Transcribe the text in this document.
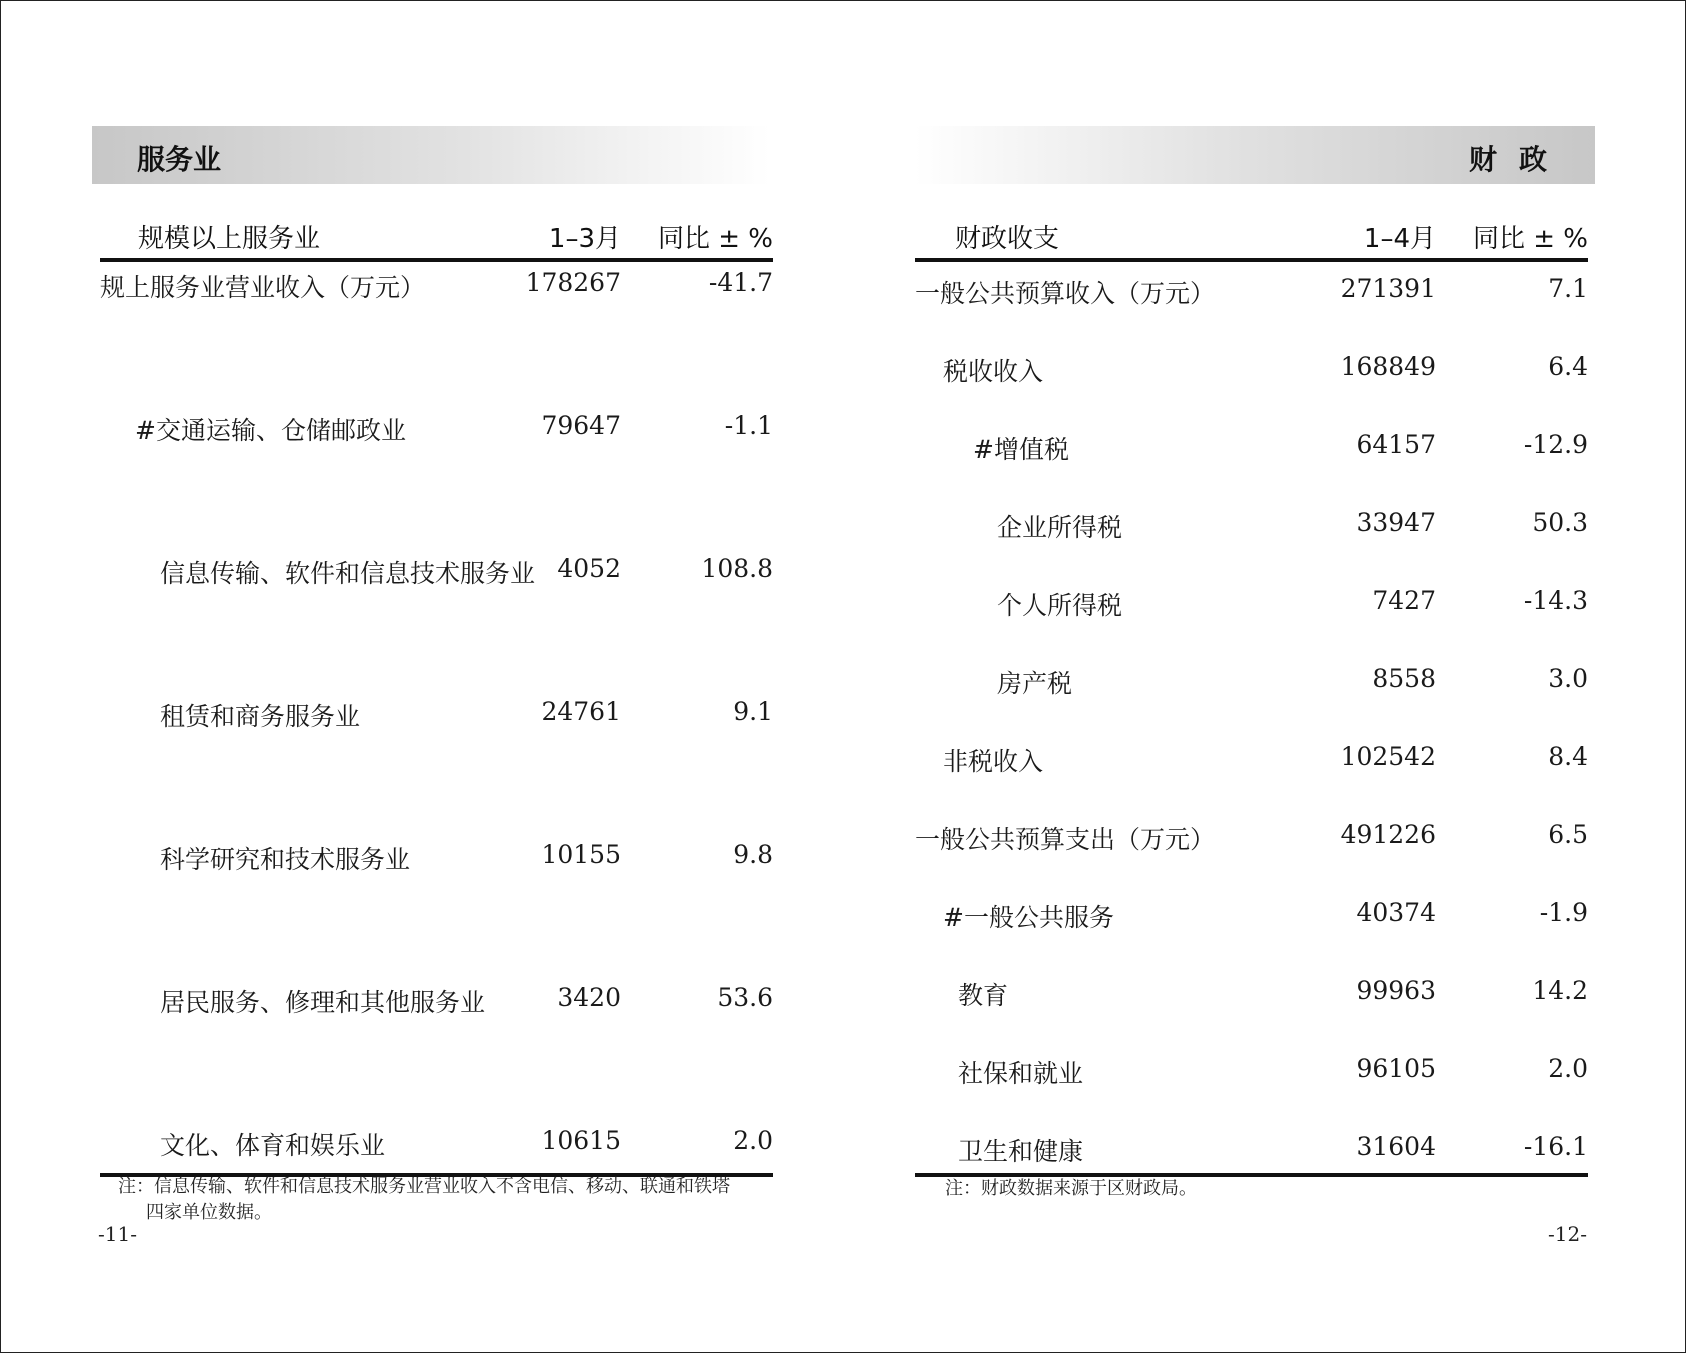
服务业
规模以上服务业	1–3月 同比 ± %
规上服务业营业收入（万元）	178267	-41.7
#交通运输、仓储邮政业	79647	-1.1
信息传输、软件和信息技术服务业 4052	108.8
租赁和商务服务业	24761	9.1
科学研究和技术服务业	10155	9.8
居民服务、修理和其他服务业	3420	53.6
文化、体育和娱乐业	10615	2.0
注：信息传输、软件和信息技术服务业营业收入不含电信、移动、联通和铁塔
四家单位数据。
-11-
财政
财政收支	1–4月 同比 ± %
一般公共预算收入（万元）	271391	7.1
税收收入	168849	6.4
#增值税	64157	-12.9
企业所得税	33947	50.3
个人所得税	7427	-14.3
房产税	8558	3.0
非税收入	102542	8.4
一般公共预算支出（万元）	491226	6.5
#一般公共服务	40374	-1.9
教育	99963	14.2
社保和就业	96105	2.0
卫生和健康	31604	-16.1
注：财政数据来源于区财政局。
-12-
